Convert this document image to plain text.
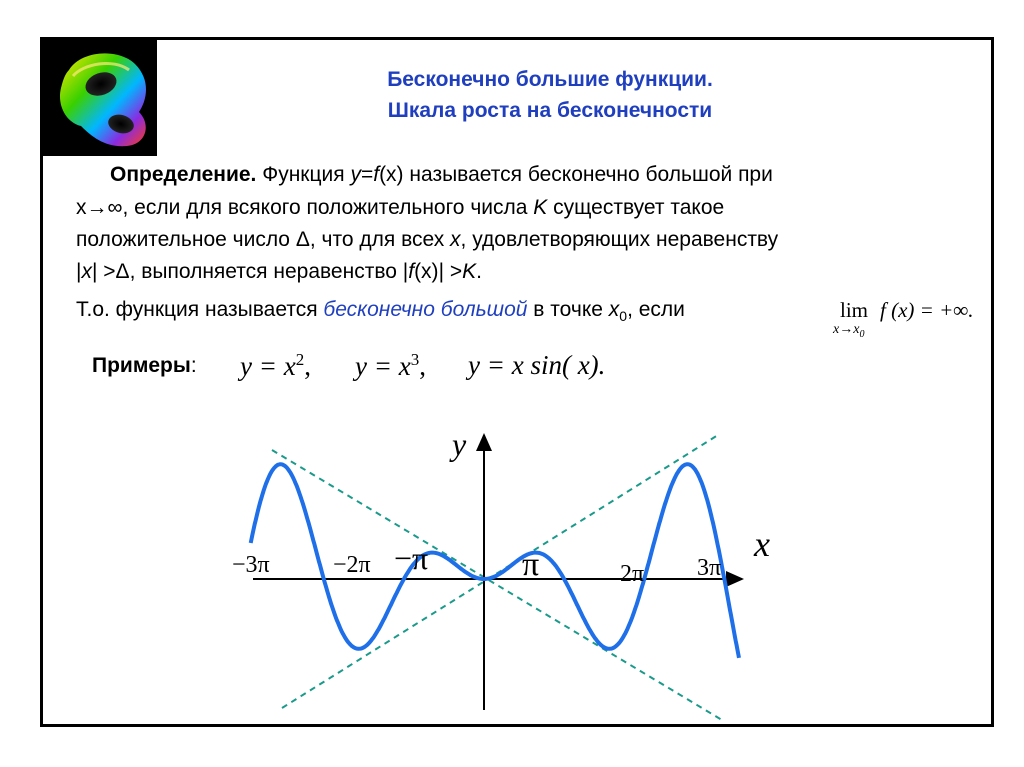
Бесконечно большие функции.
Шкала роста на бесконечности
Определение. Функция y=f(x) называется бесконечно большой при
x→∞, если для всякого положительного числа K существует такое
положительное число Δ, что для всех x, удовлетворяющих неравенству
|x| >Δ, выполняется неравенство |f(x)| >K.
Т.о. функция называется бесконечно большой в точке $x_0$, если	lim
$x\to x_0$
f (x) = +∞.
Примеры: $y = x^2$, $y = x^3$, y = x sin( x).
y
x
−3π	−2π −π	π	2π 3π
